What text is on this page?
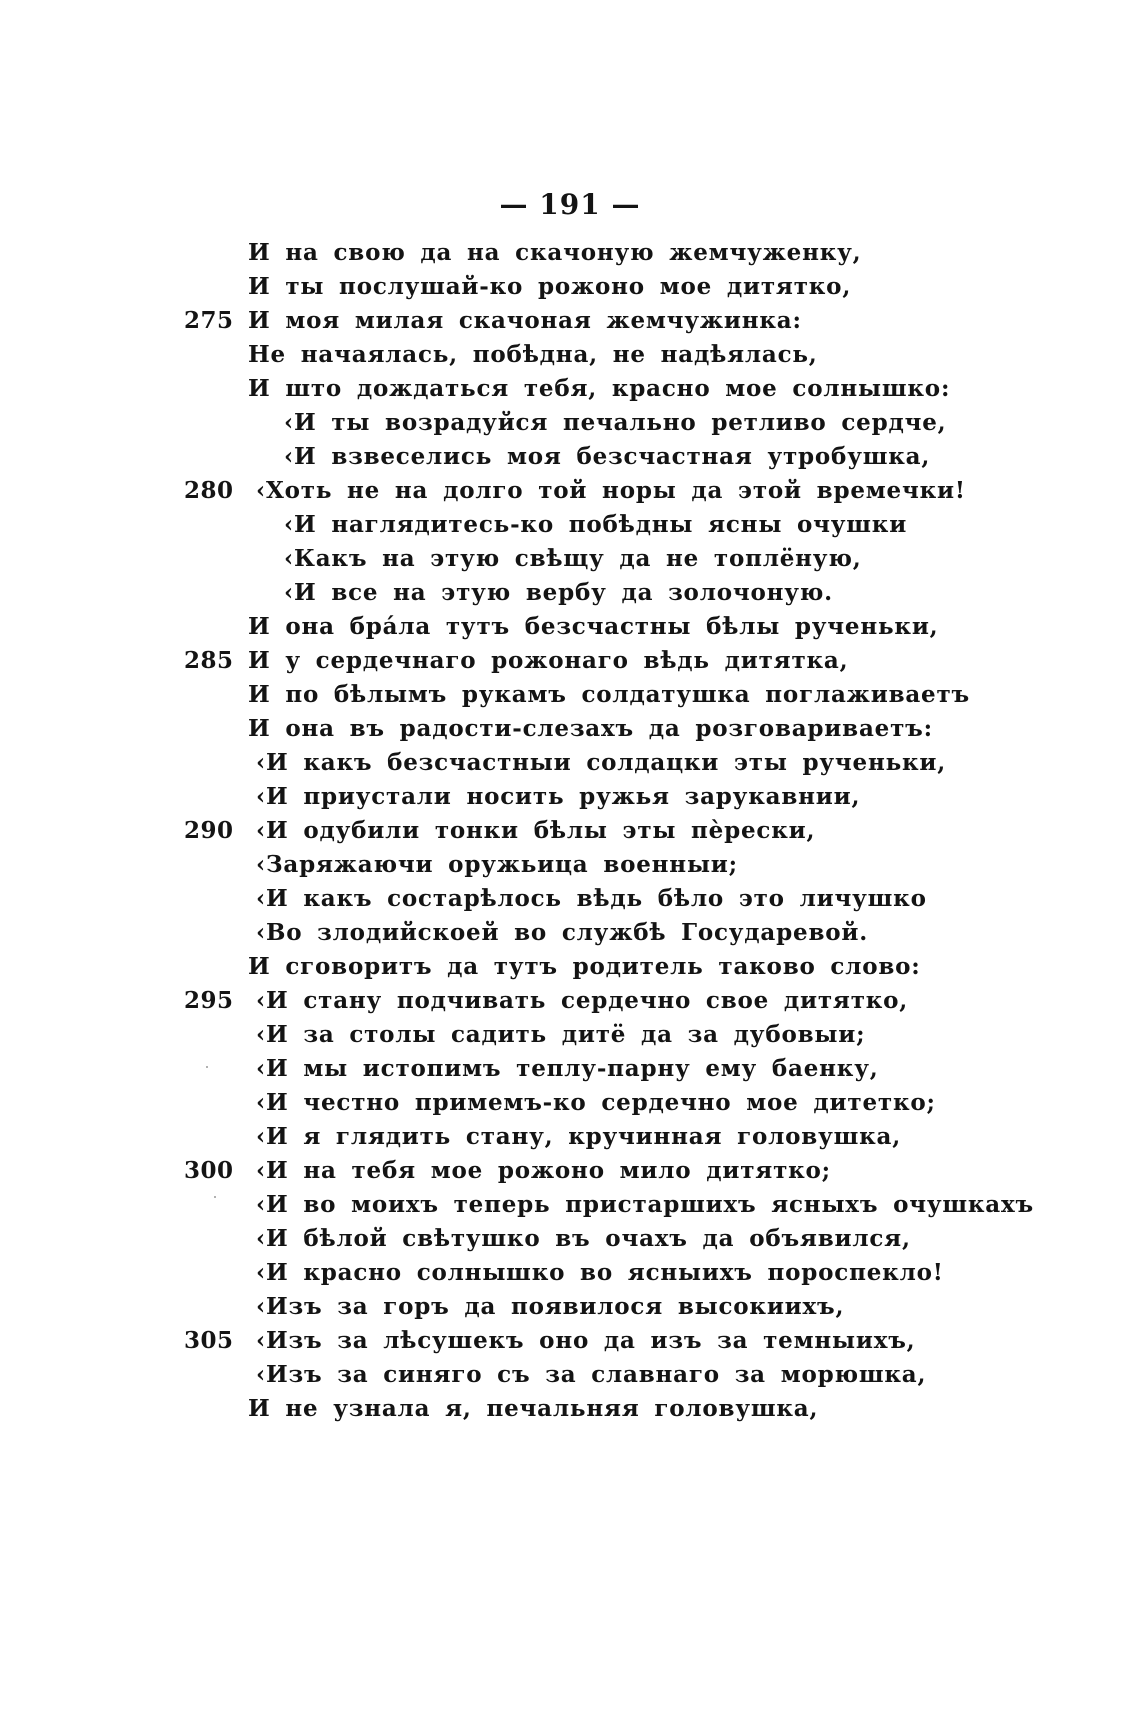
— 191 —
И на свою да на скачоную жемчуженку,
И ты послушай-ко рожоно мое дитятко,
275 И моя милая скачоная жемчужинка:
Не начаялась, побѣдна, не надѣялась,
И што дождаться тебя, красно мое солнышко:
‹И ты возрадуйся печально ретливо сердче,
‹И взвеселись моя безсчастная утробушка,
280 ‹Хоть не на долго той норы да этой времечки!
‹И наглядитесь-ко побѣдны ясны очушки
‹Какъ на этую свѣщу да не топлёную,
‹И все на этую вербу да золочоную.
И она брáла тутъ безсчастны бѣлы рученьки,
285 И у сердечнаго рожонаго вѣдь дитятка,
И по бѣлымъ рукамъ солдатушка поглаживаетъ
И она въ радости-слезахъ да розговариваетъ:
‹И какъ безсчастныи солдацки эты рученьки,
‹И приустали носить ружья зарукавнии,
290 ‹И одубили тонки бѣлы эты пѐрески,
‹Заряжаючи оружьица военныи;
‹И какъ состарѣлось вѣдь бѣло это личушко
‹Во злодийскоей во службѣ Государевой.
И сговоритъ да тутъ родитель таково слово:
295 ‹И стану подчивать сердечно свое дитятко,
‹И за столы садить дитё да за дубовыи;
‹И мы истопимъ теплу-парну ему баенку,
‹И честно примемъ-ко сердечно мое дитетко;
‹И я глядить стану, кручинная головушка,
300 ‹И на тебя мое рожоно мило дитятко;
‹И во моихъ теперь пристаршихъ ясныхъ очушкахъ
‹И бѣлой свѣтушко въ очахъ да объявился,
‹И красно солнышко во ясныихъ пороспекло!
‹Изъ за горъ да появилося высокиихъ,
305 ‹Изъ за лѣсушекъ оно да изъ за темныихъ,
‹Изъ за синяго съ за славнаго за морюшка,
И не узнала я, печальняя головушка,
